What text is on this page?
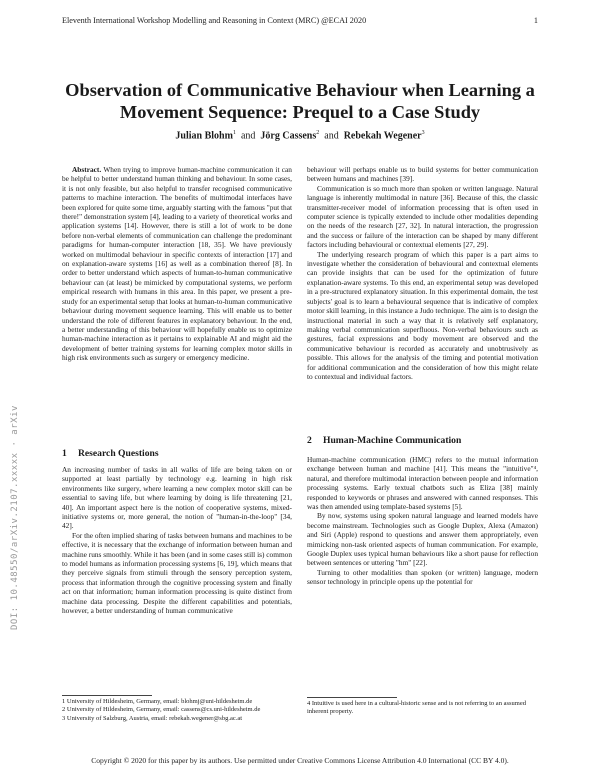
Eleventh International Workshop Modelling and Reasoning in Context (MRC) @ECAI 2020	1
Observation of Communicative Behaviour when Learning a Movement Sequence: Prequel to a Case Study
Julian Blohm$^1$ and Jörg Cassens$^2$ and Rebekah Wegener$^3$
DOI: 10.48550/arXiv.2107.xxxxx · arXiv

Abstract. When trying to improve human-machine communication it can be helpful to better understand human thinking and behaviour. In some cases, it is not only feasible, but also helpful to transfer recognised communicative patterns to machine interaction. The benefits of multimodal interfaces have been explored for quite some time, arguably starting with the famous "put that there!" demonstration system [4], leading to a variety of theoretical works and application systems [14]. However, there is still a lot of work to be done before non-verbal elements of communication can challenge the predominant paradigms for human-computer interaction [18, 35]. We have previously worked on multimodal behaviour in specific contexts of interaction [17] and on explanation-aware systems [16] as well as a combination thereof [8]. In order to better understand which aspects of human-to-human communicative behaviour can (at least) be mimicked by computational systems, we perform empirical research with humans in this area. In this paper, we present a pre-study for an experimental setup that looks at human-to-human communicative behaviour during movement sequence learning. This will enable us to better understand the role of different features in explanatory behaviour. In the end, a better understanding of this behaviour will hopefully enable us to optimize human-machine interaction as it pertains to explainable AI and might aid the development of better training systems for learning complex motor skills in high risk environments such as surgery or emergency medicine.

1 Research Questions

An increasing number of tasks in all walks of life are being taken on or supported at least partially by technology e.g. learning in high risk environments like surgery, where learning a new complex motor skill can be essential to saving life, but where learning by doing is life threatening [21, 40]. An important aspect here is the notion of cooperative systems, mixed-initiative systems or, more general, the notion of "human-in-the-loop" [34, 42].

For the often implied sharing of tasks between humans and machines to be effective, it is necessary that the exchange of information between human and machine runs smoothly. While it has been (and in some cases still is) common to model humans as information processing systems [6, 19], which means that they perceive signals from stimuli through the sensory perception system, process that information through the cognitive processing system and finally act on that information; human information processing is quite distinct from machine data processing. Despite the different capabilities and potentials, however, a better understanding of human communicative

1 University of Hildesheim, Germany, email: blohmj@uni-hildesheim.de
2 University of Hildesheim, Germany, email: cassens@cs.uni-hildesheim.de
3 University of Salzburg, Austria, email: rebekah.wegener@sbg.ac.at

behaviour will perhaps enable us to build systems for better communication between humans and machines [39].

Communication is so much more than spoken or written language. Natural language is inherently multimodal in nature [36]. Because of this, the classic transmitter-receiver model of information processing that is often used in computer science is typically extended to include other modalities depending on the needs of the research [27, 32]. In natural interaction, the progression and the success or failure of the interaction can be shaped by many different factors including behavioural or contextual elements [27, 29].

The underlying research program of which this paper is a part aims to investigate whether the consideration of behavioural and contextual elements can provide insights that can be used for the optimization of future explanation-aware systems. To this end, an experimental setup was developed in a pre-structured explanatory situation. In this experimental domain, the test subjects' goal is to learn a behavioural sequence that is indicative of complex motor skill learning, in this instance a Judo technique. The aim is to design the instructional material in such a way that it is relatively self explanatory, making verbal communication superfluous. Non-verbal behaviours such as gestures, facial expressions and body movement are observed and the communicative behaviour is recorded as accurately and unobtrusively as possible. This allows for the analysis of the timing and potential motivation for additional communication and the consideration of how this might relate to contextual and individual factors.

2 Human-Machine Communication

Human-machine communication (HMC) refers to the mutual information exchange between human and machine [41]. This means the "intuitive"⁴, natural, and therefore multimodal interaction between people and information processing systems. Early textual chatbots such as Eliza [38] mainly responded to keywords or phrases and answered with canned responses. This was then amended using template-based systems [5].

By now, systems using spoken natural language and learned models have become mainstream. Technologies such as Google Duplex, Alexa (Amazon) and Siri (Apple) respond to questions and answer them appropriately, even mimicking non-task oriented aspects of human communication. For example, Google Duplex uses typical human behaviours like a short pause for reflection between sentences or uttering "hm" [22].

Turning to other modalities than spoken (or written) language, modern sensor technology in principle opens up the potential for

4 Intuitive is used here in a cultural-historic sense and is not referring to an assumed inherent property.
Copyright © 2020 for this paper by its authors. Use permitted under Creative Commons License Attribution 4.0 International (CC BY 4.0).
